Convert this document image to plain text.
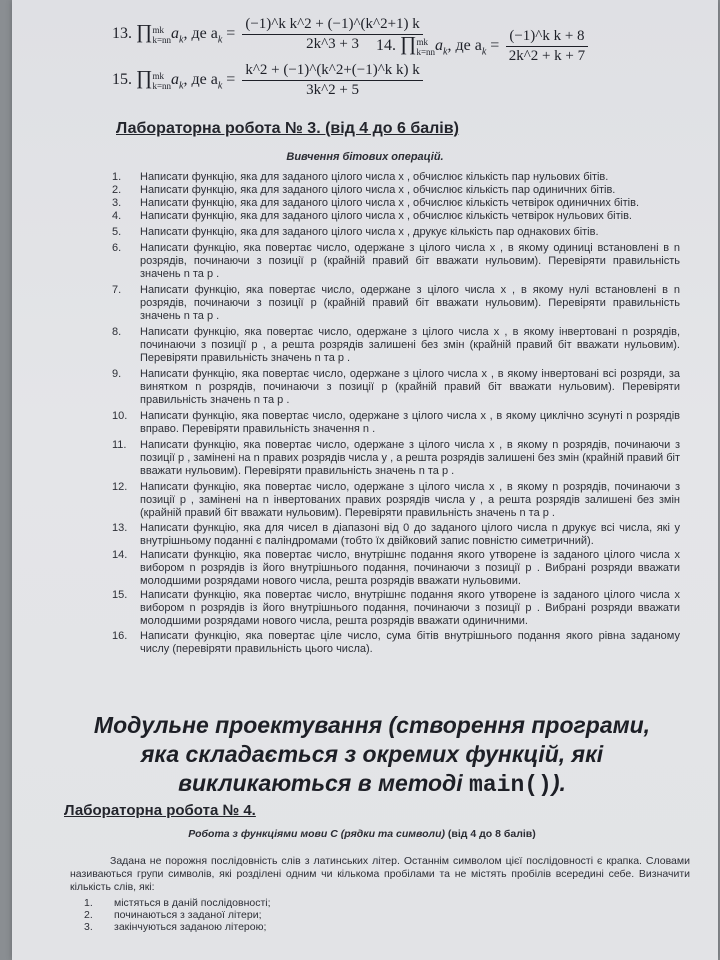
13. ∏mk
k=nna$_k$, де $a_k = \frac{\text{(−1)\textasciicircum{}k k\textasciicircum{}2 + (−1)\textasciicircum{}(k\textasciicircum{}2+1) k}}{2k\^{}3 + 3}$
14. ∏mk
k=nna$_k$, де $a_k = \frac{\text{(−1)\textasciicircum{}k k + 8}}{2k\^{}2 + k + 7}$
15. ∏mk
k=nna$_k$, де $a_k = \frac{\text{k\textasciicircum{}2 + (−1)\textasciicircum{}(k\textasciicircum{}2+(−1)\textasciicircum{}k k) k}}{3k\^{}2 + 5}$
Лабораторна робота № 3. (від 4 до 6 балів)
Вивчення бітових операцій.
1.	Написати функцію, яка для заданого цілого числа x , обчислює кількість пар нульових бітів.
2.	Написати функцію, яка для заданого цілого числа x , обчислює кількість пар одиничних бітів.
3.	Написати функцію, яка для заданого цілого числа x , обчислює кількість четвірок одиничних бітів.
4.	Написати функцію, яка для заданого цілого числа x , обчислює кількість четвірок нульових бітів.
5.	Написати функцію, яка для заданого цілого числа x , друкує кількість пар однакових бітів.
6.	Написати функцію, яка повертає число, одержане з цілого числа x , в якому одиниці встановлені в n розрядів, починаючи з позиції p (крайній правий біт вважати нульовим). Перевіряти правильність значень n та p .
7.	Написати функцію, яка повертає число, одержане з цілого числа x , в якому нулі встановлені в n розрядів, починаючи з позиції p (крайній правий біт вважати нульовим). Перевіряти правильність значень n та p .
8.	Написати функцію, яка повертає число, одержане з цілого числа x , в якому інвертовані n розрядів, починаючи з позиції p , а решта розрядів залишені без змін (крайній правий біт вважати нульовим). Перевіряти правильність значень n та p .
9.	Написати функцію, яка повертає число, одержане з цілого числа x , в якому інвертовані всі розряди, за винятком n розрядів, починаючи з позиції p (крайній правий біт вважати нульовим). Перевіряти правильність значень n та p .
10.	Написати функцію, яка повертає число, одержане з цілого числа x , в якому циклічно зсунуті n розрядів вправо. Перевіряти правильність значення n .
11.	Написати функцію, яка повертає число, одержане з цілого числа x , в якому n розрядів, починаючи з позиції p , замінені на n правих розрядів числа y , а решта розрядів залишені без змін (крайній правий біт вважати нульовим). Перевіряти правильність значень n та p .
12.	Написати функцію, яка повертає число, одержане з цілого числа x , в якому n розрядів, починаючи з позиції p , замінені на n інвертованих правих розрядів числа y , а решта розрядів залишені без змін (крайній правий біт вважати нульовим). Перевіряти правильність значень n та p .
13.	Написати функцію, яка для чисел в діапазоні від 0 до заданого цілого числа n друкує всі числа, які у внутрішньому поданні є паліндромами (тобто їх двійковий запис повністю симетричний).
14.	Написати функцію, яка повертає число, внутрішнє подання якого утворене із заданого цілого числа x вибором n розрядів із його внутрішнього подання, починаючи з позиції p . Вибрані розряди вважати молодшими розрядами нового числа, решта розрядів вважати нульовими.
15.	Написати функцію, яка повертає число, внутрішнє подання якого утворене із заданого цілого числа x вибором n розрядів із його внутрішнього подання, починаючи з позиції p . Вибрані розряди вважати молодшими розрядами нового числа, решта розрядів вважати одиничними.
16.	Написати функцію, яка повертає ціле число, сума бітів внутрішнього подання якого рівна заданому числу (перевіряти правильність цього числа).
Модульне проектування (створення програми,
яка складається з окремих функцій, які
викликаються в методі main()).
Лабораторна робота № 4.
Робота з функціями мови С (рядки та символи) (від 4 до 8 балів)
Задана не порожня послідовність слів з латинських літер. Останнім символом цієї послідовності є крапка. Словами називаються групи символів, які розділені одним чи кількома пробілами та не містять пробілів всередині себе. Визначити кількість слів, які:
1.	містяться в даній послідовності;
2.	починаються з заданої літери;
3.	закінчуються заданою літерою;
